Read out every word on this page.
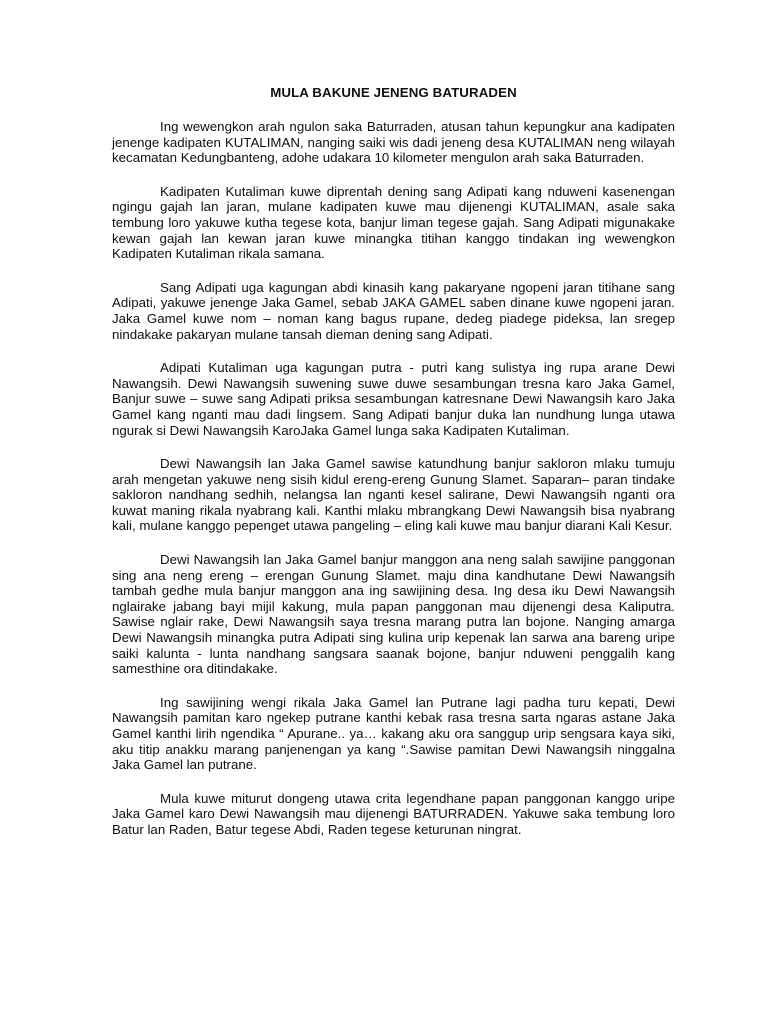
MULA BAKUNE JENENG BATURADEN

Ing wewengkon arah ngulon saka Baturraden, atusan tahun kepungkur ana kadipaten jenenge kadipaten KUTALIMAN, nanging saiki wis dadi jeneng desa KUTALIMAN neng wilayah kecamatan Kedungbanteng, adohe udakara 10 kilometer mengulon arah saka Baturraden.

Kadipaten Kutaliman kuwe diprentah dening sang Adipati kang nduweni kasenengan ngingu gajah lan jaran, mulane kadipaten kuwe mau dijenengi KUTALIMAN, asale saka tembung loro yakuwe kutha tegese kota, banjur liman tegese gajah. Sang Adipati migunakake kewan gajah lan kewan jaran kuwe minangka titihan kanggo tindakan ing wewengkon Kadipaten Kutaliman rikala samana.

Sang Adipati uga kagungan abdi kinasih kang pakaryane ngopeni jaran titihane sang Adipati, yakuwe jenenge Jaka Gamel, sebab JAKA GAMEL saben dinane kuwe ngopeni jaran. Jaka Gamel kuwe nom – noman kang bagus rupane, dedeg piadege pideksa, lan sregep nindakake pakaryan mulane tansah dieman dening sang Adipati.

Adipati Kutaliman uga kagungan putra - putri kang sulistya ing rupa arane Dewi Nawangsih. Dewi Nawangsih suwening suwe duwe sesambungan tresna karo Jaka Gamel, Banjur suwe – suwe sang Adipati priksa sesambungan katresnane Dewi Nawangsih karo Jaka Gamel kang nganti mau dadi lingsem. Sang Adipati banjur duka lan nundhung lunga utawa ngurak si Dewi Nawangsih KaroJaka Gamel lunga saka Kadipaten Kutaliman.

Dewi Nawangsih lan Jaka Gamel sawise katundhung banjur sakloron mlaku tumuju arah mengetan yakuwe neng sisih kidul ereng-ereng Gunung Slamet. Saparan– paran tindake sakloron nandhang sedhih, nelangsa lan nganti kesel salirane, Dewi Nawangsih nganti ora kuwat maning rikala nyabrang kali. Kanthi mlaku mbrangkang Dewi Nawangsih bisa nyabrang kali, mulane kanggo pepenget utawa pangeling – eling kali kuwe mau banjur diarani Kali Kesur.

Dewi Nawangsih lan Jaka Gamel banjur manggon ana neng salah sawijine panggonan sing ana neng ereng – erengan Gunung Slamet. maju dina kandhutane Dewi Nawangsih tambah gedhe mula banjur manggon ana ing sawijining desa. Ing desa iku Dewi Nawangsih nglairake jabang bayi mijil kakung, mula papan panggonan mau dijenengi desa Kaliputra. Sawise nglair rake, Dewi Nawangsih saya tresna marang putra lan bojone. Nanging amarga Dewi Nawangsih minangka putra Adipati sing kulina urip kepenak lan sarwa ana bareng uripe saiki kalunta - lunta nandhang sangsara saanak bojone, banjur nduweni penggalih kang samesthine ora ditindakake.

Ing sawijining wengi rikala Jaka Gamel lan Putrane lagi padha turu kepati, Dewi Nawangsih pamitan karo ngekep putrane kanthi kebak rasa tresna sarta ngaras astane Jaka Gamel kanthi lirih ngendika “ Apurane.. ya… kakang aku ora sanggup urip sengsara kaya siki, aku titip anakku marang panjenengan ya kang “.Sawise pamitan Dewi Nawangsih ninggalna Jaka Gamel lan putrane.

Mula kuwe miturut dongeng utawa crita legendhane papan panggonan kanggo uripe Jaka Gamel karo Dewi Nawangsih mau dijenengi BATURRADEN. Yakuwe saka tembung loro Batur lan Raden, Batur tegese Abdi, Raden tegese keturunan ningrat.
